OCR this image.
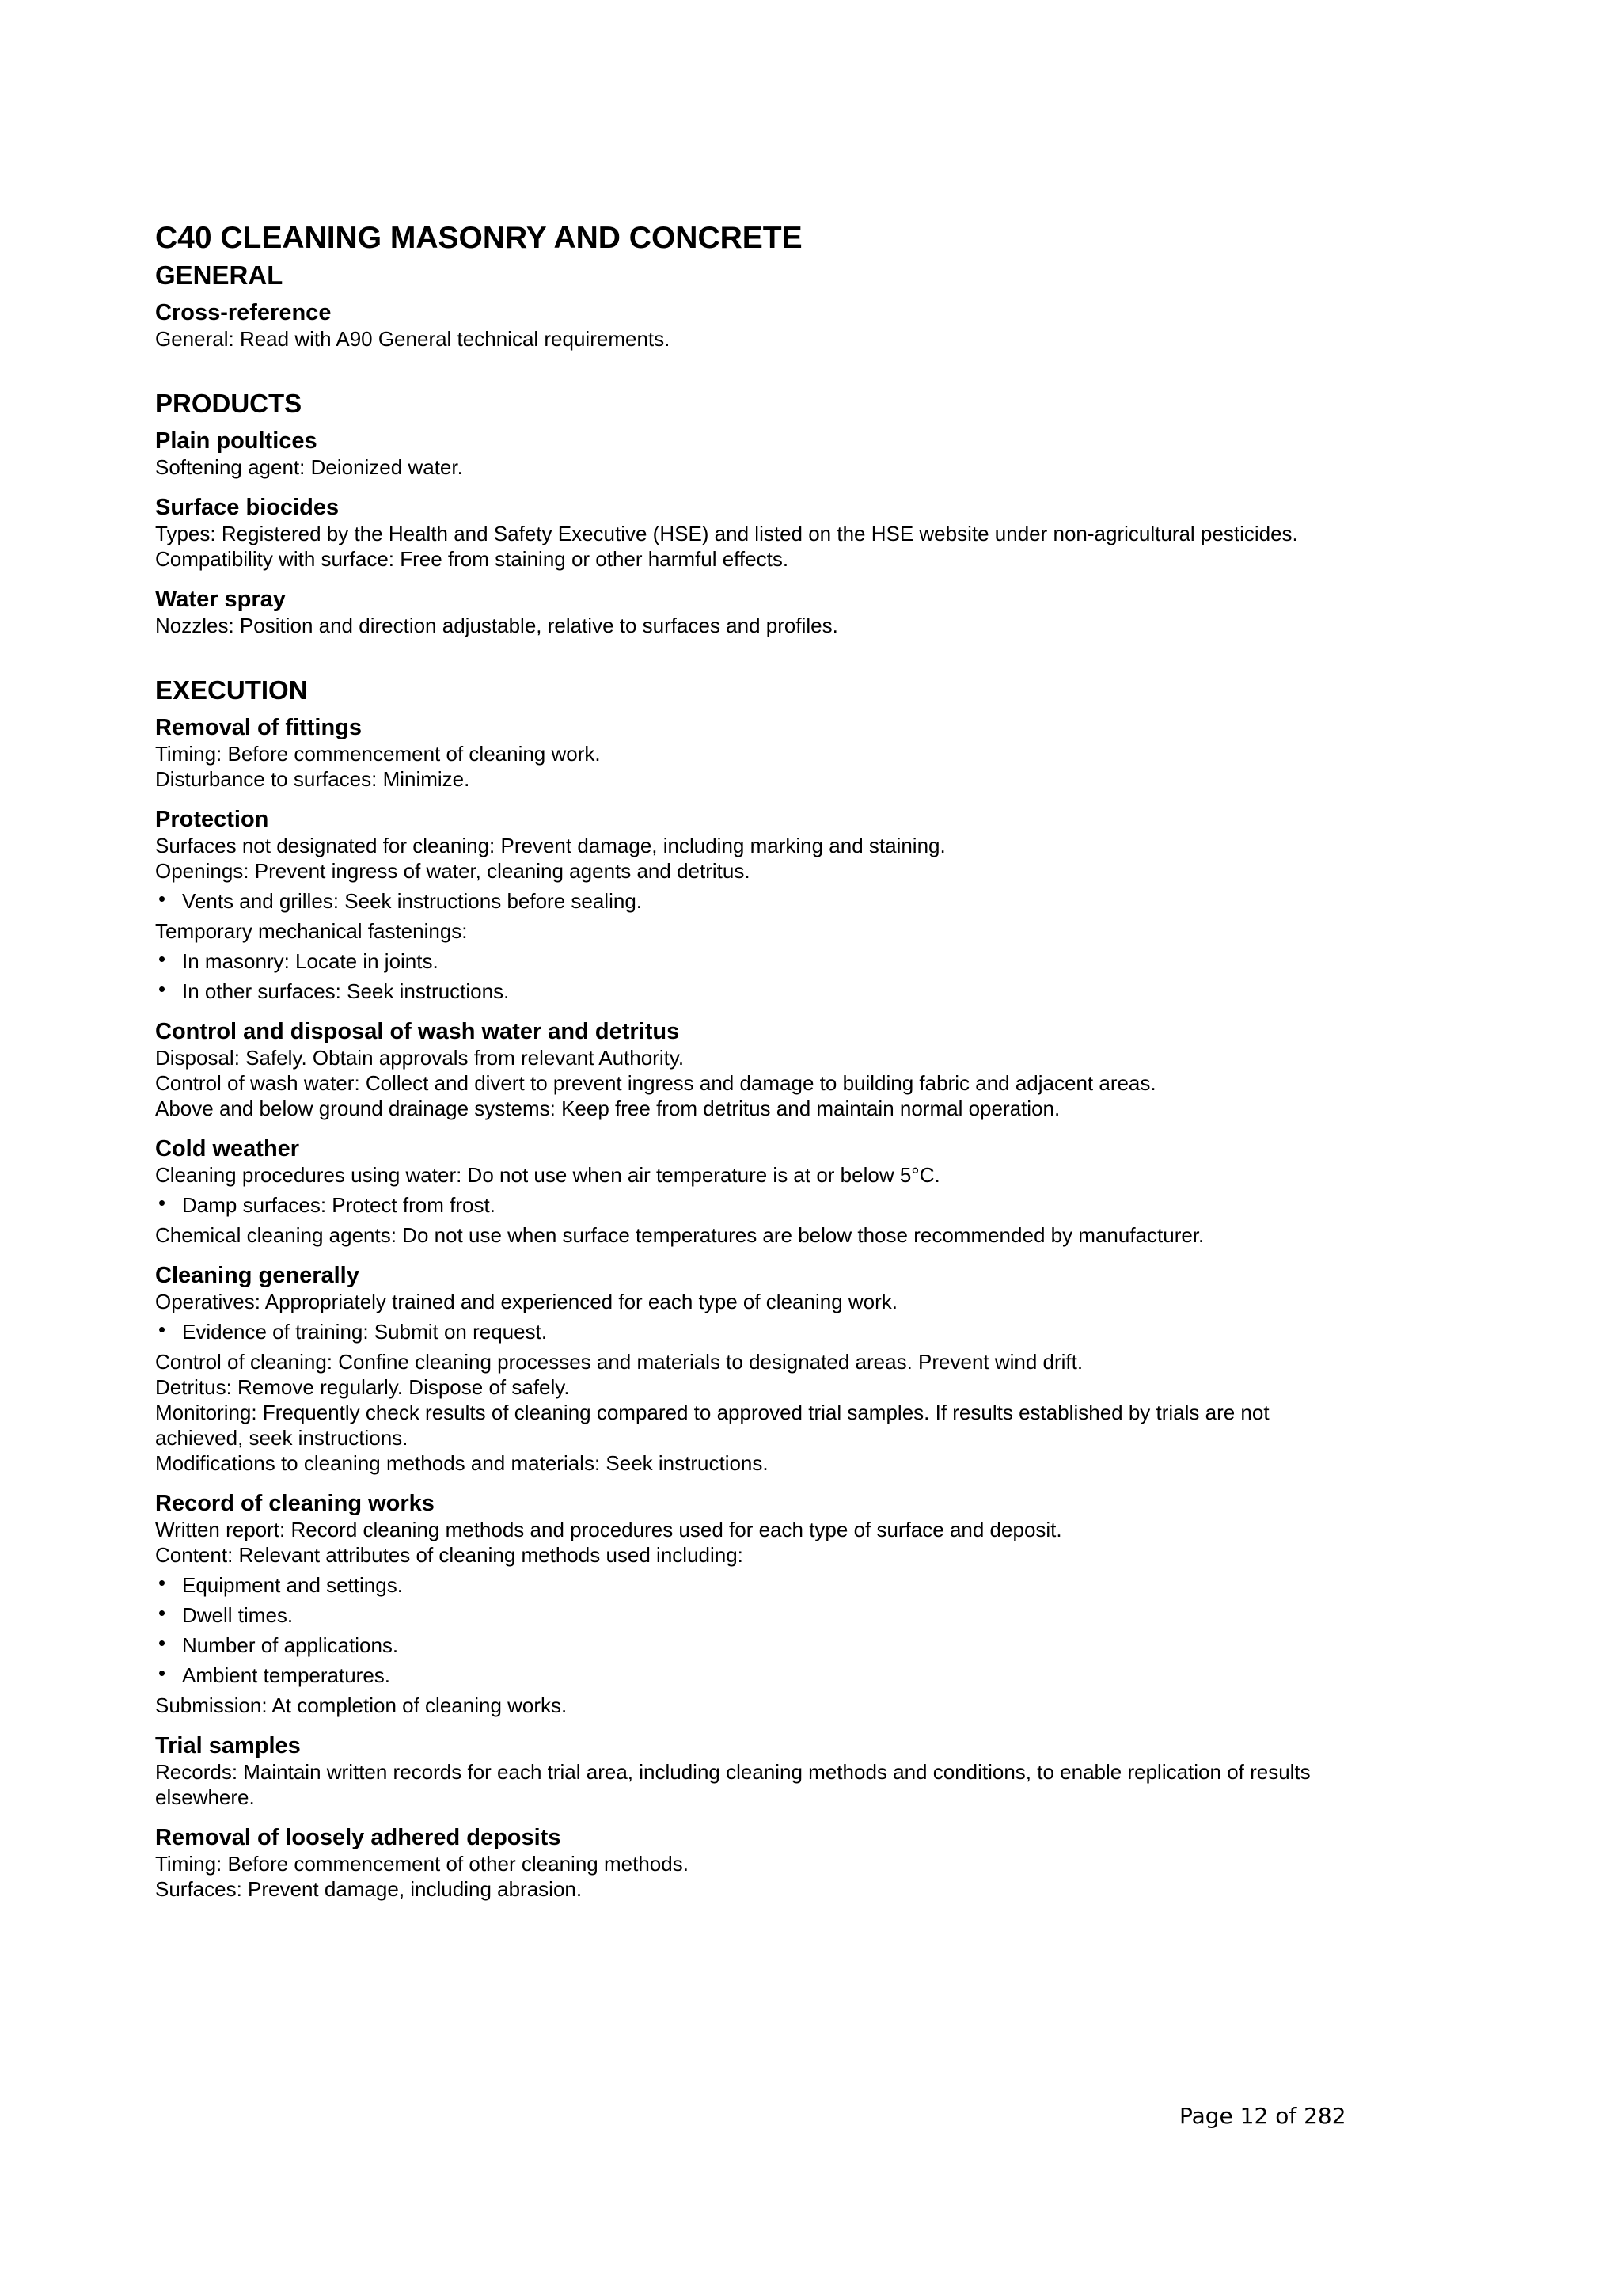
C40 CLEANING MASONRY AND CONCRETE
GENERAL
Cross-reference

General: Read with A90 General technical requirements.

PRODUCTS
Plain poultices

Softening agent: Deionized water.

Surface biocides

Types: Registered by the Health and Safety Executive (HSE) and listed on the HSE website under non-agricultural pesticides.

Compatibility with surface: Free from staining or other harmful effects.

Water spray

Nozzles: Position and direction adjustable, relative to surfaces and profiles.

EXECUTION
Removal of fittings

Timing: Before commencement of cleaning work.

Disturbance to surfaces: Minimize.

Protection

Surfaces not designated for cleaning: Prevent damage, including marking and staining.

Openings: Prevent ingress of water, cleaning agents and detritus.

• Vents and grilles: Seek instructions before sealing.

Temporary mechanical fastenings:

• In masonry: Locate in joints.
• In other surfaces: Seek instructions.
Control and disposal of wash water and detritus

Disposal: Safely. Obtain approvals from relevant Authority.

Control of wash water: Collect and divert to prevent ingress and damage to building fabric and adjacent areas.

Above and below ground drainage systems: Keep free from detritus and maintain normal operation.

Cold weather

Cleaning procedures using water: Do not use when air temperature is at or below 5°C.

• Damp surfaces: Protect from frost.

Chemical cleaning agents: Do not use when surface temperatures are below those recommended by manufacturer.

Cleaning generally

Operatives: Appropriately trained and experienced for each type of cleaning work.

• Evidence of training: Submit on request.

Control of cleaning: Confine cleaning processes and materials to designated areas. Prevent wind drift.

Detritus: Remove regularly. Dispose of safely.

Monitoring: Frequently check results of cleaning compared to approved trial samples. If results established by trials are not

achieved, seek instructions.

Modifications to cleaning methods and materials: Seek instructions.

Record of cleaning works

Written report: Record cleaning methods and procedures used for each type of surface and deposit.

Content: Relevant attributes of cleaning methods used including:

• Equipment and settings.
• Dwell times.
• Number of applications.
• Ambient temperatures.

Submission: At completion of cleaning works.

Trial samples

Records: Maintain written records for each trial area, including cleaning methods and conditions, to enable replication of results

elsewhere.

Removal of loosely adhered deposits

Timing: Before commencement of other cleaning methods.

Surfaces: Prevent damage, including abrasion.

Page 12 of 282
